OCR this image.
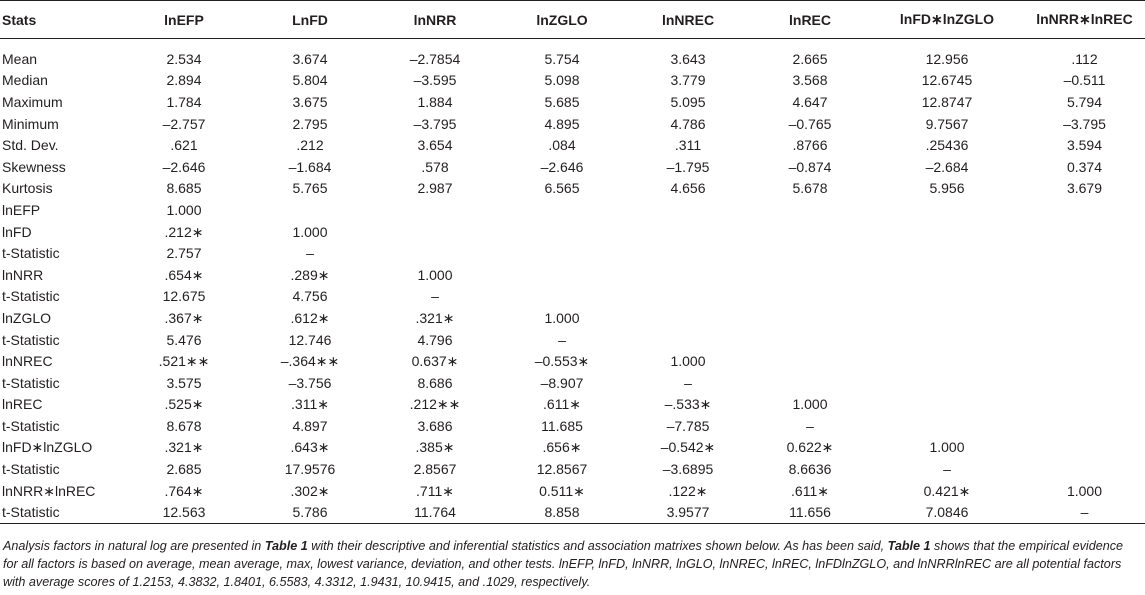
Stats	lnEFP	LnFD	lnNRR	lnZGLO	lnNREC	lnREC	lnFD∗lnZGLO	lnNRR∗lnREC
Mean	2.534	3.674	–2.7854	5.754	3.643	2.665	12.956	.112
Median	2.894	5.804	–3.595	5.098	3.779	3.568	12.6745	–0.511
Maximum	1.784	3.675	1.884	5.685	5.095	4.647	12.8747	5.794
Minimum	–2.757	2.795	–3.795	4.895	4.786	–0.765	9.7567	–3.795
Std. Dev.	.621	.212	3.654	.084	.311	.8766	.25436	3.594
Skewness	–2.646	–1.684	.578	–2.646	–1.795	–0.874	–2.684	0.374
Kurtosis	8.685	5.765	2.987	6.565	4.656	5.678	5.956	3.679
lnEFP	1.000							
lnFD	.212∗	1.000						
t-Statistic	2.757	–						
lnNRR	.654∗	.289∗	1.000					
t-Statistic	12.675	4.756	–					
lnZGLO	.367∗	.612∗	.321∗	1.000				
t-Statistic	5.476	12.746	4.796	–				
lnNREC	.521∗∗	–.364∗∗	0.637∗	–0.553∗	1.000			
t-Statistic	3.575	–3.756	8.686	–8.907	–			
lnREC	.525∗	.311∗	.212∗∗	.611∗	–.533∗	1.000		
t-Statistic	8.678	4.897	3.686	11.685	–7.785	–		
lnFD∗lnZGLO	.321∗	.643∗	.385∗	.656∗	–0.542∗	0.622∗	1.000	
t-Statistic	2.685	17.9576	2.8567	12.8567	–3.6895	8.6636	–	
lnNRR∗lnREC	.764∗	.302∗	.711∗	0.511∗	.122∗	.611∗	0.421∗	1.000
t-Statistic	12.563	5.786	11.764	8.858	3.9577	11.656	7.0846	–
Analysis factors in natural log are presented in Table 1 with their descriptive and inferential statistics and association matrixes shown below. As has been said, Table 1 shows that the empirical evidence for all factors is based on average, mean average, max, lowest variance, deviation, and other tests. lnEFP, lnFD, lnNRR, lnGLO, lnNREC, lnREC, lnFDlnZGLO, and lnNRRlnREC are all potential factors with average scores of 1.2153, 4.3832, 1.8401, 6.5583, 4.3312, 1.9431, 10.9415, and .1029, respectively.
